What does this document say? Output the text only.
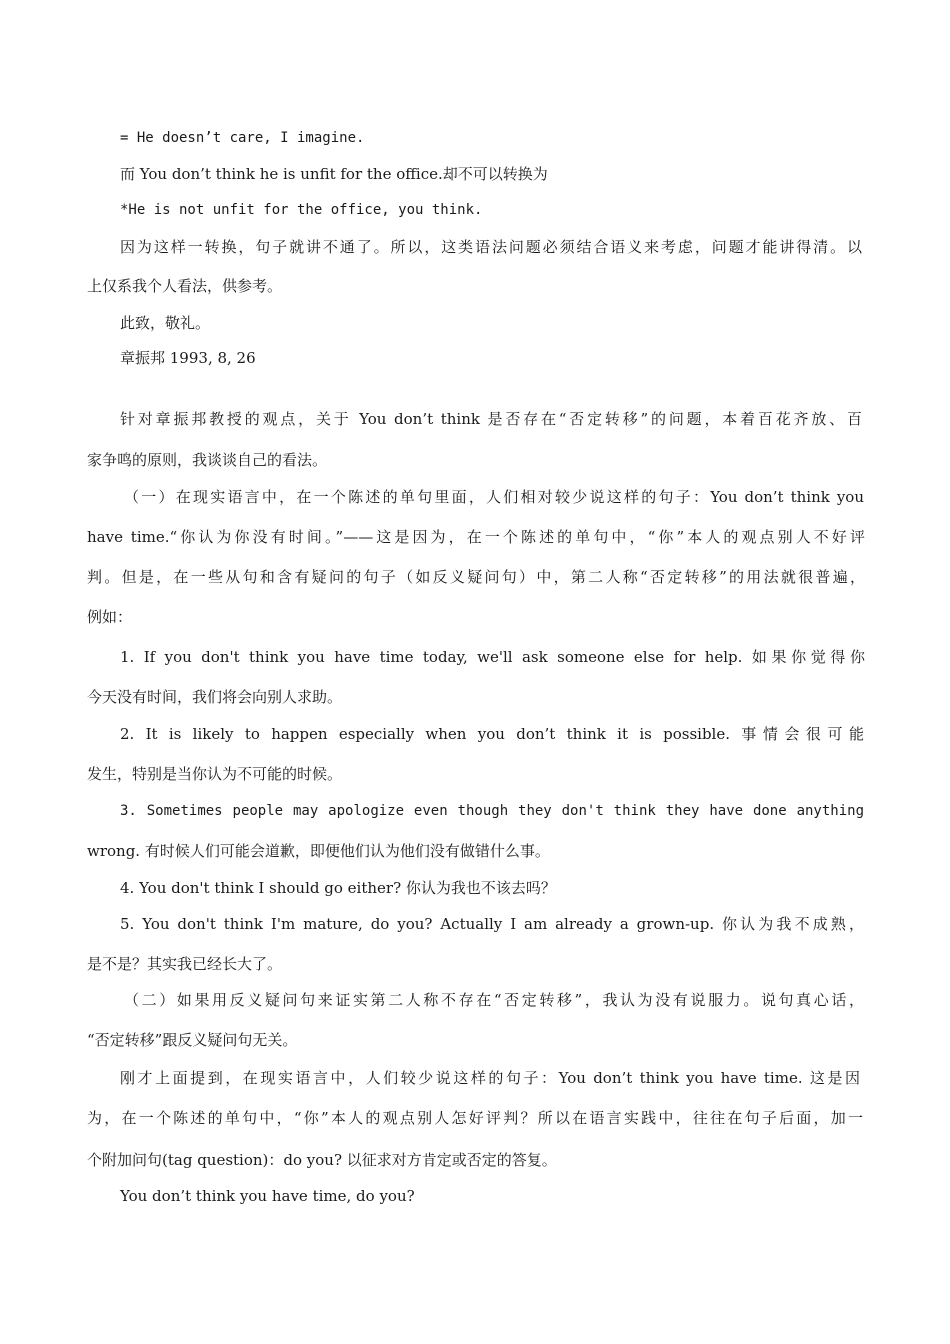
= He doesn’t care, I imagine.
而 You don’t think he is unfit for the office.却不可以转换为
*He is not unfit for the office, you think.
因为这样一转换，句子就讲不通了。所以，这类语法问题必须结合语义来考虑，问题才能讲得清。以
上仅系我个人看法，供参考。
此致，敬礼。
章振邦 1993, 8, 26
针对章振邦教授的观点，关于 You don’t think 是否存在“否定转移”的问题，本着百花齐放、百
家争鸣的原则，我谈谈自己的看法。
（一）在现实语言中，在一个陈述的单句里面，人们相对较少说这样的句子：You don’t think you
have time.“你认为你没有时间。”——这是因为，在一个陈述的单句中，“你”本人的观点别人不好评
判。但是，在一些从句和含有疑问的句子（如反义疑问句）中，第二人称“否定转移”的用法就很普遍，
例如：
1. If you don't think you have time today, we'll ask someone else for help. 如果你觉得你
今天没有时间，我们将会向别人求助。
2. It is likely to happen especially when you don’t think it is possible. 事情会很可能
发生，特别是当你认为不可能的时候。
3. Sometimes people may apologize even though they don't think they have done anything
wrong. 有时候人们可能会道歉，即便他们认为他们没有做错什么事。
4. You don't think I should go either? 你认为我也不该去吗？
5. You don't think I'm mature, do you? Actually I am already a grown-up. 你认为我不成熟，
是不是？其实我已经长大了。
（二）如果用反义疑问句来证实第二人称不存在“否定转移”，我认为没有说服力。说句真心话，
“否定转移”跟反义疑问句无关。
刚才上面提到，在现实语言中，人们较少说这样的句子：You don’t think you have time. 这是因
为，在一个陈述的单句中，“你”本人的观点别人怎好评判？所以在语言实践中，往往在句子后面，加一
个附加问句(tag question)：do you? 以征求对方肯定或否定的答复。
You don’t think you have time, do you?
